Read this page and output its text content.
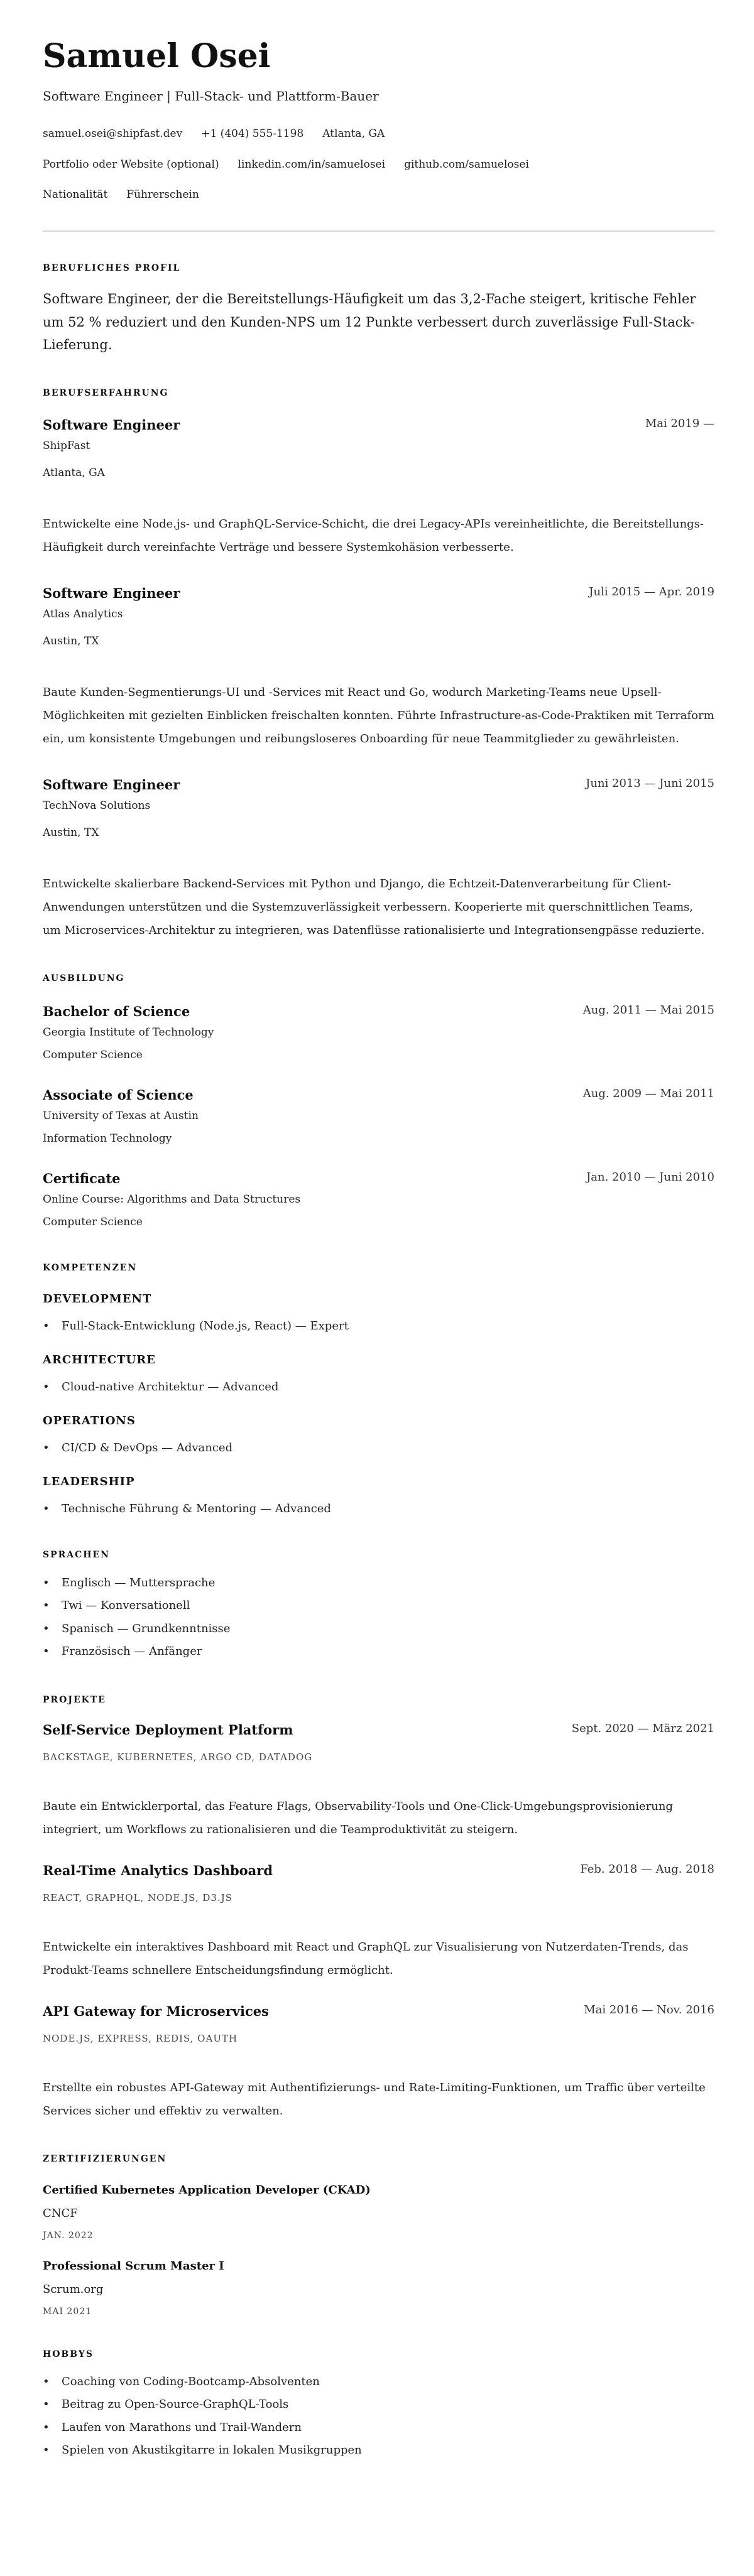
Samuel Osei
Software Engineer | Full-Stack- und Plattform-Bauer
samuel.osei@shipfast.dev +1 (404) 555-1198 Atlanta, GA
Portfolio oder Website (optional) linkedin.com/in/samuelosei github.com/samuelosei
Nationalität Führerschein
BERUFLICHES PROFIL

Software Engineer, der die Bereitstellungs-Häufigkeit um das 3,2-Fache steigert, kritische Fehler um 52 % reduziert und den Kunden-NPS um 12 Punkte verbessert durch zuverlässige Full-Stack-Lieferung.

BERUFSERFAHRUNG
Software Engineer	Mai 2019 —
ShipFast
Atlanta, GA

Entwickelte eine Node.js- und GraphQL-Service-Schicht, die drei Legacy-APIs vereinheitlichte, die Bereitstellungs-Häufigkeit durch vereinfachte Verträge und bessere Systemkohäsion verbesserte.

Software Engineer	Juli 2015 — Apr. 2019
Atlas Analytics
Austin, TX

Baute Kunden-Segmentierungs-UI und -Services mit React und Go, wodurch Marketing-Teams neue Upsell-Möglichkeiten mit gezielten Einblicken freischalten konnten. Führte Infrastructure-as-Code-Praktiken mit Terraform ein, um konsistente Umgebungen und reibungsloseres Onboarding für neue Teammitglieder zu gewährleisten.

Software Engineer	Juni 2013 — Juni 2015
TechNova Solutions
Austin, TX

Entwickelte skalierbare Backend-Services mit Python und Django, die Echtzeit-Datenverarbeitung für Client-Anwendungen unterstützen und die Systemzuverlässigkeit verbessern. Kooperierte mit querschnittlichen Teams, um Microservices-Architektur zu integrieren, was Datenflüsse rationalisierte und Integrationsengpässe reduzierte.

AUSBILDUNG
Bachelor of Science	Aug. 2011 — Mai 2015
Georgia Institute of Technology
Computer Science
Associate of Science	Aug. 2009 — Mai 2011
University of Texas at Austin
Information Technology
Certificate	Jan. 2010 — Juni 2010
Online Course: Algorithms and Data Structures
Computer Science
KOMPETENZEN
DEVELOPMENT
• Full-Stack-Entwicklung (Node.js, React) — Expert
ARCHITECTURE
• Cloud-native Architektur — Advanced
OPERATIONS
• CI/CD & DevOps — Advanced
LEADERSHIP
• Technische Führung & Mentoring — Advanced
SPRACHEN
• Englisch — Muttersprache
• Twi — Konversationell
• Spanisch — Grundkenntnisse
• Französisch — Anfänger
PROJEKTE
Self-Service Deployment Platform	Sept. 2020 — März 2021
BACKSTAGE, KUBERNETES, ARGO CD, DATADOG

Baute ein Entwicklerportal, das Feature Flags, Observability-Tools und One-Click-Umgebungsprovisionierung integriert, um Workflows zu rationalisieren und die Teamproduktivität zu steigern.

Real-Time Analytics Dashboard	Feb. 2018 — Aug. 2018
REACT, GRAPHQL, NODE.JS, D3.JS

Entwickelte ein interaktives Dashboard mit React und GraphQL zur Visualisierung von Nutzerdaten-Trends, das Produkt-Teams schnellere Entscheidungsfindung ermöglicht.

API Gateway for Microservices	Mai 2016 — Nov. 2016
NODE.JS, EXPRESS, REDIS, OAUTH

Erstellte ein robustes API-Gateway mit Authentifizierungs- und Rate-Limiting-Funktionen, um Traffic über verteilte Services sicher und effektiv zu verwalten.

ZERTIFIZIERUNGEN
Certified Kubernetes Application Developer (CKAD)
CNCF
JAN. 2022
Professional Scrum Master I
Scrum.org
MAI 2021
HOBBYS
• Coaching von Coding-Bootcamp-Absolventen
• Beitrag zu Open-Source-GraphQL-Tools
• Laufen von Marathons und Trail-Wandern
• Spielen von Akustikgitarre in lokalen Musikgruppen
